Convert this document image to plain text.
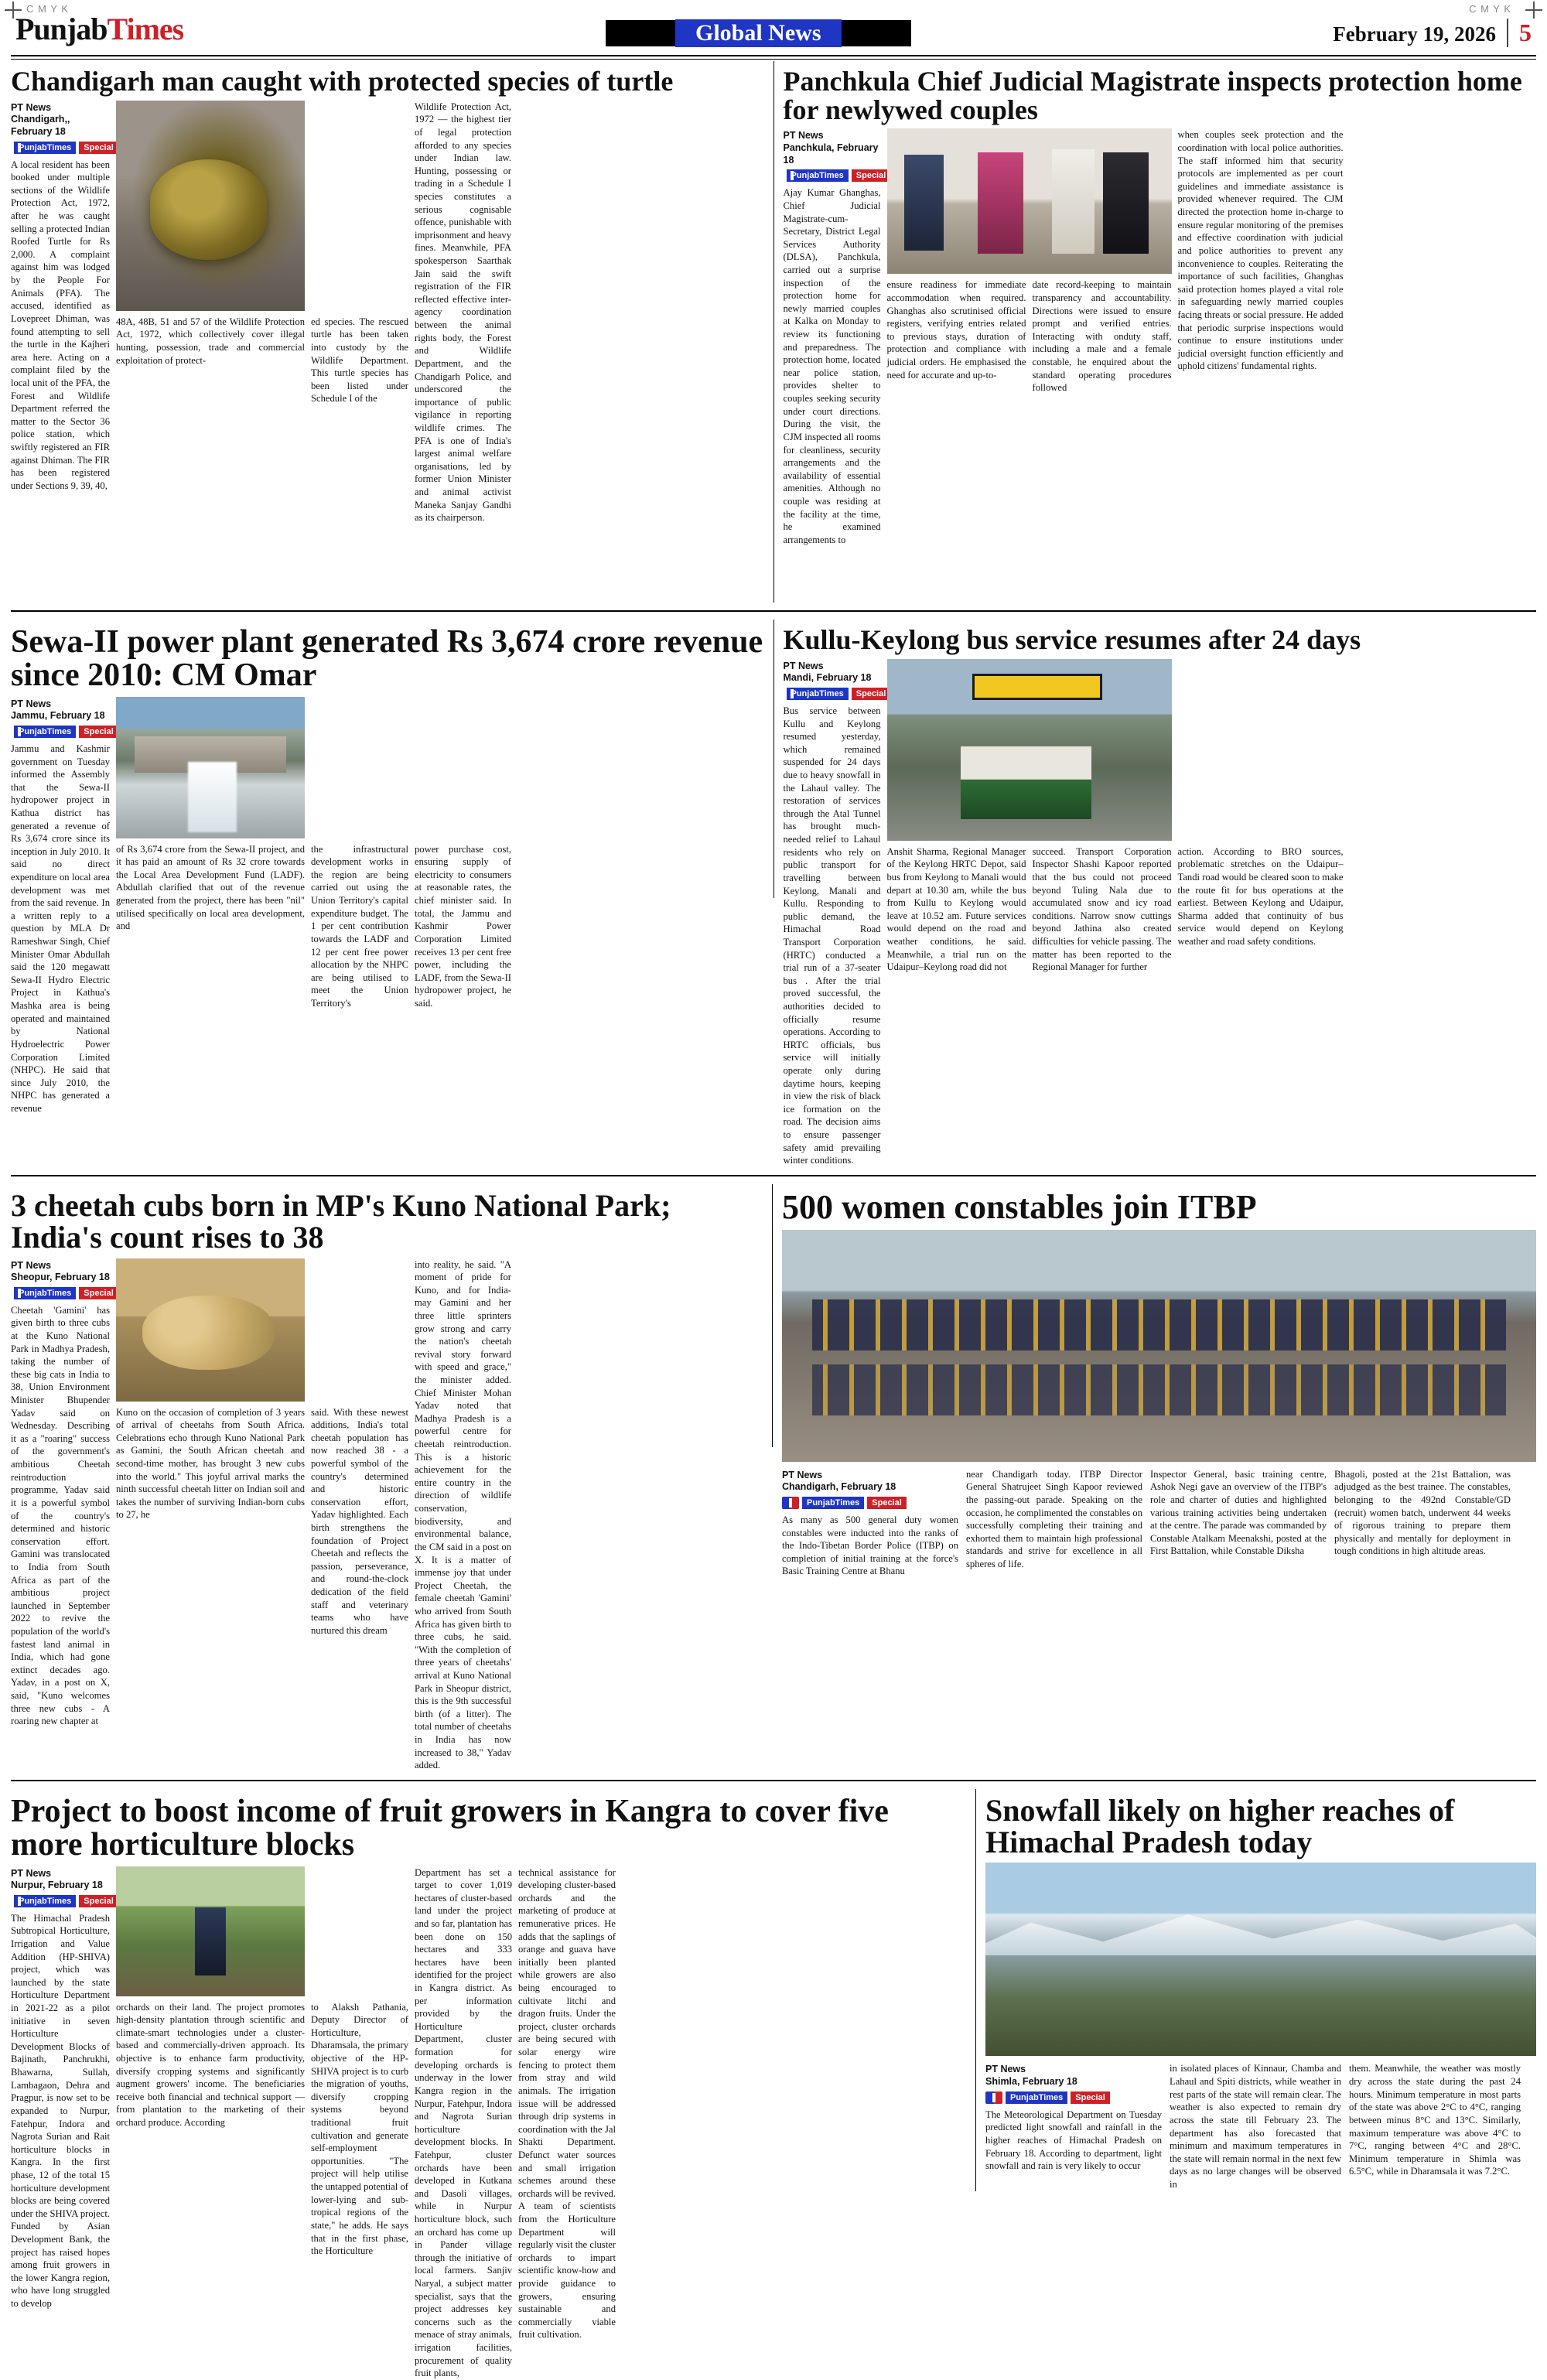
C M Y K	C M Y K
PunjabTimes	Global News	February 19, 2026 5
Chandigarh man caught with protected species of turtle
PT News
Chandigarh,, February 18
PunjabTimes	Special
A local resident has been booked under multiple sections of the Wildlife Protection Act, 1972, after he was caught selling a protected Indian Roofed Turtle for Rs 2,000. A complaint against him was lodged by the People For Animals (PFA). The accused, identified as Lovepreet Dhiman, was found attempting to sell the turtle in the Kajheri area here. Acting on a complaint filed by the local unit of the PFA, the Forest and Wildlife Department referred the matter to the Sector 36 police station, which swiftly registered an FIR against Dhiman. The FIR has been registered under Sections 9, 39, 40,
48A, 48B, 51 and 57 of the Wildlife Protection Act, 1972, which collectively cover illegal hunting, possession, trade and commercial exploitation of protect-
ed species. The rescued turtle has been taken into custody by the Wildlife Department. This turtle species has been listed under Schedule I of the
Wildlife Protection Act, 1972 — the highest tier of legal protection afforded to any species under Indian law. Hunting, possessing or trading in a Schedule I species constitutes a serious cognisable offence, punishable with imprisonment and heavy fines. Meanwhile, PFA spokesperson Saarthak Jain said the swift registration of the FIR reflected effective inter-agency coordination between the animal rights body, the Forest and Wildlife Department, and the Chandigarh Police, and underscored the importance of public vigilance in reporting wildlife crimes. The PFA is one of India's largest animal welfare organisations, led by former Union Minister and animal activist Maneka Sanjay Gandhi as its chairperson.
Panchkula Chief Judicial Magistrate inspects protection home for newlywed couples
PT News
Panchkula, February 18
PunjabTimes	Special
Ajay Kumar Ghanghas, Chief Judicial Magistrate-cum-Secretary, District Legal Services Authority (DLSA), Panchkula, carried out a surprise inspection of the protection home for newly married couples at Kalka on Monday to review its functioning and preparedness. The protection home, located near police station, provides shelter to couples seeking security under court directions. During the visit, the CJM inspected all rooms for cleanliness, security arrangements and the availability of essential amenities. Although no couple was residing at the facility at the time, he examined arrangements to
ensure readiness for immediate accommodation when required. Ghanghas also scrutinised official registers, verifying entries related to previous stays, duration of protection and compliance with judicial orders. He emphasised the need for accurate and up-to-
date record-keeping to maintain transparency and accountability. Directions were issued to ensure prompt and verified entries. Interacting with onduty staff, including a male and a female constable, he enquired about the standard operating procedures followed
when couples seek protection and the coordination with local police authorities. The staff informed him that security protocols are implemented as per court guidelines and immediate assistance is provided whenever required. The CJM directed the protection home in-charge to ensure regular monitoring of the premises and effective coordination with judicial and police authorities to prevent any inconvenience to couples. Reiterating the importance of such facilities, Ghanghas said protection homes played a vital role in safeguarding newly married couples facing threats or social pressure. He added that periodic surprise inspections would continue to ensure institutions under judicial oversight function efficiently and uphold citizens' fundamental rights.
Sewa-II power plant generated Rs 3,674 crore revenue since 2010: CM Omar
PT News
Jammu, February 18
PunjabTimes	Special
Jammu and Kashmir government on Tuesday informed the Assembly that the Sewa-II hydropower project in Kathua district has generated a revenue of Rs 3,674 crore since its inception in July 2010. It said no direct expenditure on local area development was met from the said revenue. In a written reply to a question by MLA Dr Rameshwar Singh, Chief Minister Omar Abdullah said the 120 megawatt Sewa-II Hydro Electric Project in Kathua's Mashka area is being operated and maintained by National Hydroelectric Power Corporation Limited (NHPC). He said that since July 2010, the NHPC has generated a revenue
of Rs 3,674 crore from the Sewa-II project, and it has paid an amount of Rs 32 crore towards the Local Area Development Fund (LADF). Abdullah clarified that out of the revenue generated from the project, there has been "nil" utilised specifically on local area development, and
the infrastructural development works in the region are being carried out using the Union Territory's capital expenditure budget. The 1 per cent contribution towards the LADF and 12 per cent free power allocation by the NHPC are being utilised to meet the Union Territory's
power purchase cost, ensuring supply of electricity to consumers at reasonable rates, the chief minister said. In total, the Jammu and Kashmir Power Corporation Limited receives 13 per cent free power, including the LADF, from the Sewa-II hydropower project, he said.
Kullu-Keylong bus service resumes after 24 days
PT News
Mandi, February 18
PunjabTimes	Special
Bus service between Kullu and Keylong resumed yesterday, which remained suspended for 24 days due to heavy snowfall in the Lahaul valley. The restoration of services through the Atal Tunnel has brought much-needed relief to Lahaul residents who rely on public transport for travelling between Keylong, Manali and Kullu. Responding to public demand, the Himachal Road Transport Corporation (HRTC) conducted a trial run of a 37-seater bus . After the trial proved successful, the authorities decided to officially resume operations. According to HRTC officials, bus service will initially operate only during daytime hours, keeping in view the risk of black ice formation on the road. The decision aims to ensure passenger safety amid prevailing winter conditions.
Anshit Sharma, Regional Manager of the Keylong HRTC Depot, said bus from Keylong to Manali would depart at 10.30 am, while the bus from Kullu to Keylong would leave at 10.52 am. Future services would depend on the road and weather conditions, he said. Meanwhile, a trial run on the Udaipur–Keylong road did not
succeed. Transport Corporation Inspector Shashi Kapoor reported that the bus could not proceed beyond Tuling Nala due to accumulated snow and icy road conditions. Narrow snow cuttings beyond Jathina also created difficulties for vehicle passing. The matter has been reported to the Regional Manager for further
action. According to BRO sources, problematic stretches on the Udaipur–Tandi road would be cleared soon to make the route fit for bus operations at the earliest. Between Keylong and Udaipur, Sharma added that continuity of bus service would depend on Keylong weather and road safety conditions.
3 cheetah cubs born in MP's Kuno National Park; India's count rises to 38
PT News
Sheopur, February 18
PunjabTimes	Special
Cheetah 'Gamini' has given birth to three cubs at the Kuno National Park in Madhya Pradesh, taking the number of these big cats in India to 38, Union Environment Minister Bhupender Yadav said on Wednesday. Describing it as a "roaring" success of the government's ambitious Cheetah reintroduction programme, Yadav said it is a powerful symbol of the country's determined and historic conservation effort. Gamini was translocated to India from South Africa as part of the ambitious project launched in September 2022 to revive the population of the world's fastest land animal in India, which had gone extinct decades ago. Yadav, in a post on X, said, "Kuno welcomes three new cubs - A roaring new chapter at
Kuno on the occasion of completion of 3 years of arrival of cheetahs from South Africa. Celebrations echo through Kuno National Park as Gamini, the South African cheetah and second-time mother, has brought 3 new cubs into the world." This joyful arrival marks the ninth successful cheetah litter on Indian soil and takes the number of surviving Indian-born cubs to 27, he
said. With these newest additions, India's total cheetah population has now reached 38 - a powerful symbol of the country's determined and historic conservation effort, Yadav highlighted. Each birth strengthens the foundation of Project Cheetah and reflects the passion, perseverance, and round-the-clock dedication of the field staff and veterinary teams who have nurtured this dream
into reality, he said. "A moment of pride for Kuno, and for India-may Gamini and her three little sprinters grow strong and carry the nation's cheetah revival story forward with speed and grace," the minister added. Chief Minister Mohan Yadav noted that Madhya Pradesh is a powerful centre for cheetah reintroduction. This is a historic achievement for the entire country in the direction of wildlife conservation, biodiversity, and environmental balance, the CM said in a post on X. It is a matter of immense joy that under Project Cheetah, the female cheetah 'Gamini' who arrived from South Africa has given birth to three cubs, he said. "With the completion of three years of cheetahs' arrival at Kuno National Park in Sheopur district, this is the 9th successful birth (of a litter). The total number of cheetahs in India has now increased to 38," Yadav added.
500 women constables join ITBP
PT News
Chandigarh, February 18
PunjabTimes	Special
As many as 500 general duty women constables were inducted into the ranks of the Indo-Tibetan Border Police (ITBP) on completion of initial training at the force's Basic Training Centre at Bhanu
near Chandigarh today. ITBP Director General Shatrujeet Singh Kapoor reviewed the passing-out parade. Speaking on the occasion, he complimented the constables on successfully completing their training and exhorted them to maintain high professional standards and strive for excellence in all spheres of life.
Inspector General, basic training centre, Ashok Negi gave an overview of the ITBP's role and charter of duties and highlighted various training activities being undertaken at the centre. The parade was commanded by Constable Atalkam Meenakshi, posted at the First Battalion, while Constable Diksha
Bhagoli, posted at the 21st Battalion, was adjudged as the best trainee. The constables, belonging to the 492nd Constable/GD (recruit) women batch, underwent 44 weeks of rigorous training to prepare them physically and mentally for deployment in tough conditions in high altitude areas.
Project to boost income of fruit growers in Kangra to cover five more horticulture blocks
PT News
Nurpur, February 18
PunjabTimes	Special
The Himachal Pradesh Subtropical Horticulture, Irrigation and Value Addition (HP-SHIVA) project, which was launched by the state Horticulture Department in 2021-22 as a pilot initiative in seven Horticulture Development Blocks of Bajinath, Panchrukhi, Bhawarna, Sullah, Lambagaon, Dehra and Pragpur, is now set to be expanded to Nurpur, Fatehpur, Indora and Nagrota Surian and Rait horticulture blocks in Kangra. In the first phase, 12 of the total 15 horticulture development blocks are being covered under the SHIVA project. Funded by Asian Development Bank, the project has raised hopes among fruit growers in the lower Kangra region, who have long struggled to develop
orchards on their land. The project promotes high-density plantation through scientific and climate-smart technologies under a cluster-based and commercially-driven approach. Its objective is to enhance farm productivity, diversify cropping systems and significantly augment growers' income. The beneficiaries receive both financial and technical support — from plantation to the marketing of their orchard produce. According
to Alaksh Pathania, Deputy Director of Horticulture, Dharamsala, the primary objective of the HP-SHIVA project is to curb the migration of youths, diversify cropping systems beyond traditional fruit cultivation and generate self-employment opportunities. "The project will help utilise the untapped potential of lower-lying and sub-tropical regions of the state," he adds. He says that in the first phase, the Horticulture
Department has set a target to cover 1,019 hectares of cluster-based land under the project and so far, plantation has been done on 150 hectares and 333 hectares have been identified for the project in Kangra district. As per information provided by the Horticulture Department, cluster formation for developing orchards is underway in the lower Kangra region in the Nurpur, Fatehpur, Indora and Nagrota Surian horticulture development blocks. In Fatehpur, cluster orchards have been developed in Kutkana and Dasoli villages, while in Nurpur horticulture block, such an orchard has come up in Pander village through the initiative of local farmers. Sanjiv Naryal, a subject matter specialist, says that the project addresses key concerns such as the menace of stray animals, irrigation facilities, procurement of quality fruit plants,
technical assistance for developing cluster-based orchards and the marketing of produce at remunerative prices. He adds that the saplings of orange and guava have initially been planted while growers are also being encouraged to cultivate litchi and dragon fruits. Under the project, cluster orchards are being secured with solar energy wire fencing to protect them from stray and wild animals. The irrigation issue will be addressed through drip systems in coordination with the Jal Shakti Department. Defunct water sources and small irrigation schemes around these orchards will be revived. A team of scientists from the Horticulture Department will regularly visit the cluster orchards to impart scientific know-how and provide guidance to growers, ensuring sustainable and commercially viable fruit cultivation.
Snowfall likely on higher reaches of Himachal Pradesh today
PT News
Shimla, February 18
PunjabTimes	Special
The Meteorological Department on Tuesday predicted light snowfall and rainfall in the higher reaches of Himachal Pradesh on February 18. According to department, light snowfall and rain is very likely to occur
in isolated places of Kinnaur, Chamba and Lahaul and Spiti districts, while weather in rest parts of the state will remain clear. The weather is also expected to remain dry across the state till February 23. The department has also forecasted that minimum and maximum temperatures in the state will remain normal in the next few days as no large changes will be observed in
them. Meanwhile, the weather was mostly dry across the state during the past 24 hours. Minimum temperature in most parts of the state was above 2°C to 4°C, ranging between minus 8°C and 13°C. Similarly, maximum temperature was above 4°C to 7°C, ranging between 4°C and 28°C. Minimum temperature in Shimla was 6.5°C, while in Dharamsala it was 7.2°C.
